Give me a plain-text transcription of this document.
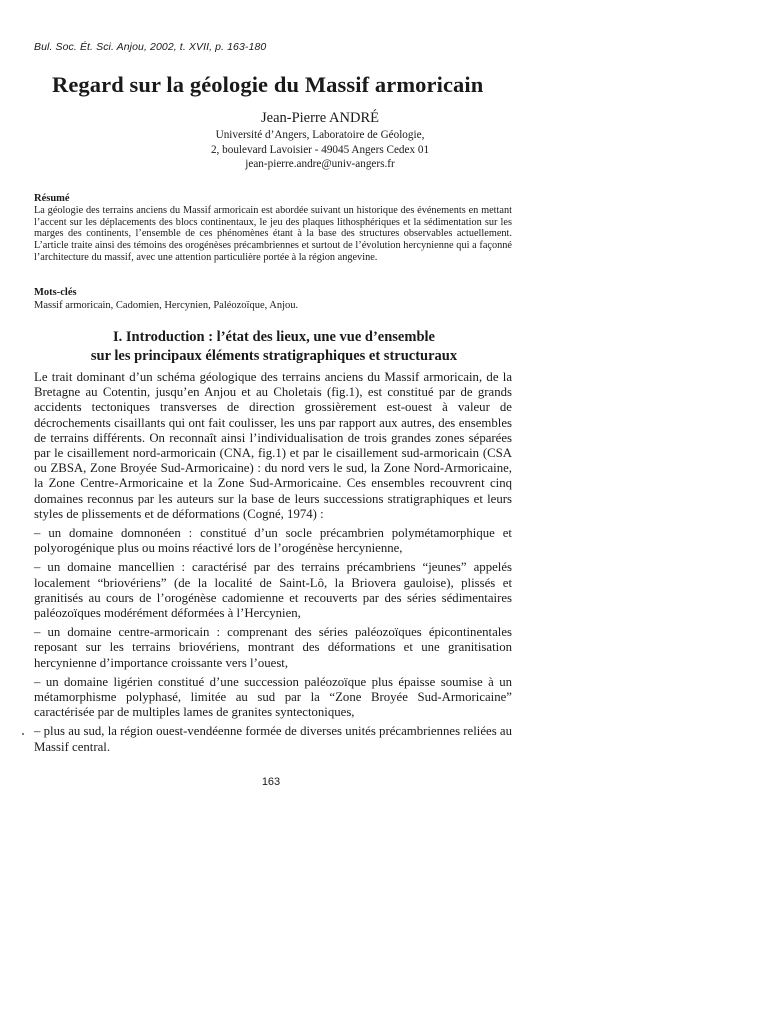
Bul. Soc. Ét. Sci. Anjou, 2002, t. XVII, p. 163-180
Regard sur la géologie du Massif armoricain
Jean-Pierre ANDRÉ
Université d’Angers, Laboratoire de Géologie,
2, boulevard Lavoisier - 49045 Angers Cedex 01
jean-pierre.andre@univ-angers.fr
Résumé

La géologie des terrains anciens du Massif armoricain est abordée suivant un historique des événements en mettant l’accent sur les déplacements des blocs continentaux, le jeu des plaques lithosphériques et la sédimentation sur les marges des continents, l’ensemble de ces phénomènes étant à la base des structures observables actuellement. L’article traite ainsi des témoins des orogénèses précambriennes et surtout de l’évolution hercynienne qui a façonné l’architecture du massif, avec une attention particulière portée à la région angevine.

Mots-clés
Massif armoricain, Cadomien, Hercynien, Paléozoïque, Anjou.
I. Introduction : l’état des lieux, une vue d’ensemble
sur les principaux éléments stratigraphiques et structuraux

Le trait dominant d’un schéma géologique des terrains anciens du Massif armoricain, de la Bretagne au Cotentin, jusqu’en Anjou et au Choletais (fig.1), est constitué par de grands accidents tectoniques transverses de direction grossièrement est-ouest à valeur de décrochements cisaillants qui ont fait coulisser, les uns par rapport aux autres, des ensembles de terrains différents. On reconnaît ainsi l’individualisation de trois grandes zones séparées par le cisaillement nord-armoricain (CNA, fig.1) et par le cisaillement sud-armoricain (CSA ou ZBSA, Zone Broyée Sud-Armoricaine) : du nord vers le sud, la Zone Nord-Armoricaine, la Zone Centre-Armoricaine et la Zone Sud-Armoricaine. Ces ensembles recouvrent cinq domaines reconnus par les auteurs sur la base de leurs successions stratigraphiques et leurs styles de plissements et de déformations (Cogné, 1974) :

– un domaine domnonéen : constitué d’un socle précambrien polymétamorphique et polyorogénique plus ou moins réactivé lors de l’orogénèse hercynienne,

– un domaine mancellien : caractérisé par des terrains précambriens “jeunes” appelés localement “briovériens” (de la localité de Saint-Lô, la Briovera gauloise), plissés et granitisés au cours de l’orogénèse cadomienne et recouverts par des séries sédimentaires paléozoïques modérément déformées à l’Hercynien,

– un domaine centre-armoricain : comprenant des séries paléozoïques épicontinentales reposant sur les terrains briovériens, montrant des déformations et une granitisation hercynienne d’importance croissante vers l’ouest,

– un domaine ligérien constitué d’une succession paléozoïque plus épaisse soumise à un métamorphisme polyphasé, limitée au sud par la “Zone Broyée Sud-Armoricaine” caractérisée par de multiples lames de granites syntectoniques,

– plus au sud, la région ouest-vendéenne formée de diverses unités précambriennes reliées au Massif central.

163
